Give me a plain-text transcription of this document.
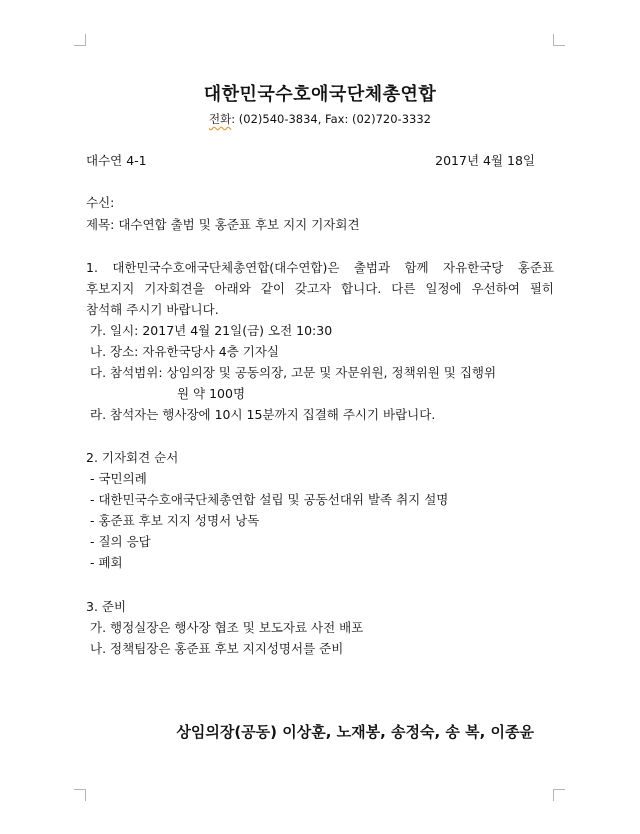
대한민국수호애국단체총연합
전화: (02)540-3834, Fax: (02)720-3332
대수연 4-1	2017년 4월 18일
수신:
제목: 대수연합 출범 및 홍준표 후보 지지 기자회견
1. 대한민국수호애국단체총연합(대수연합)은 출범과 함께 자유한국당 홍준표
후보지지 기자회견을 아래와 같이 갖고자 합니다. 다른 일정에 우선하여 필히
참석해 주시기 바랍니다.
가. 일시: 2017년 4월 21일(금) 오전 10:30
나. 장소: 자유한국당사 4층 기자실
다. 참석범위: 상임의장 및 공동의장, 고문 및 자문위원, 정책위원 및 집행위
원 약 100명
라. 참석자는 행사장에 10시 15분까지 집결해 주시기 바랍니다.
2. 기자회견 순서
- 국민의례
- 대한민국수호애국단체총연합 설립 및 공동선대위 발족 취지 설명
- 홍준표 후보 지지 성명서 낭독
- 질의 응답
- 폐회
3. 준비
가. 행정실장은 행사장 협조 및 보도자료 사전 배포
나. 정책팀장은 홍준표 후보 지지성명서를 준비
상임의장(공동) 이상훈, 노재봉, 송정숙, 송 복, 이종윤
